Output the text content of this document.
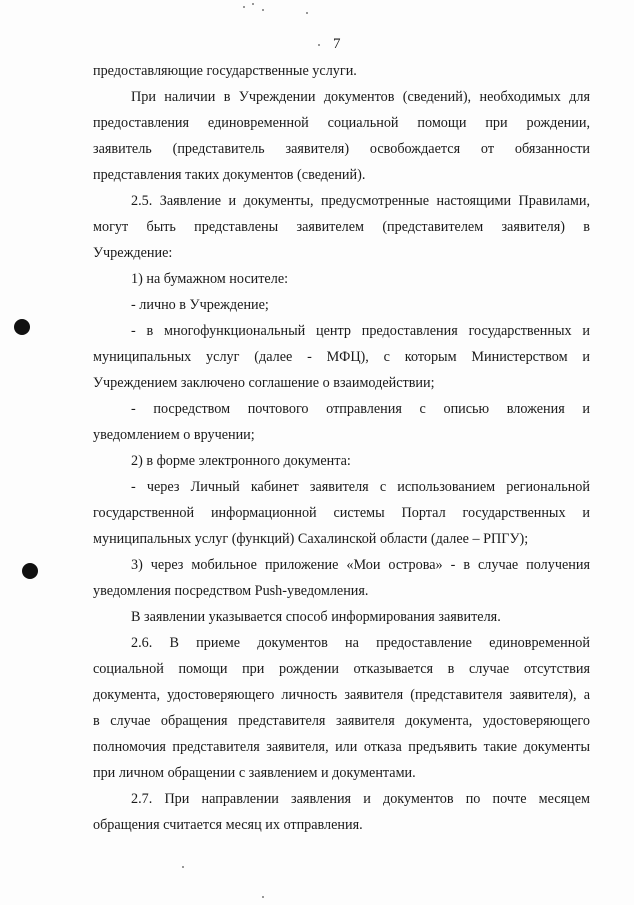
7
предоставляющие государственные услуги.
При наличии в Учреждении документов (сведений), необходимых для
предоставления единовременной социальной помощи при рождении,
заявитель (представитель заявителя) освобождается от обязанности
представления таких документов (сведений).
2.5. Заявление и документы, предусмотренные настоящими Правилами,
могут быть представлены заявителем (представителем заявителя) в
Учреждение:
1) на бумажном носителе:
- лично в Учреждение;
- в многофункциональный центр предоставления государственных и
муниципальных услуг (далее - МФЦ), с которым Министерством и
Учреждением заключено соглашение о взаимодействии;
- посредством почтового отправления с описью вложения и
уведомлением о вручении;
2) в форме электронного документа:
- через Личный кабинет заявителя с использованием региональной
государственной информационной системы Портал государственных и
муниципальных услуг (функций) Сахалинской области (далее – РПГУ);
3) через мобильное приложение «Мои острова» - в случае получения
уведомления посредством Push-уведомления.
В заявлении указывается способ информирования заявителя.
2.6. В приеме документов на предоставление единовременной
социальной помощи при рождении отказывается в случае отсутствия
документа, удостоверяющего личность заявителя (представителя заявителя), а
в случае обращения представителя заявителя документа, удостоверяющего
полномочия представителя заявителя, или отказа предъявить такие документы
при личном обращении с заявлением и документами.
2.7. При направлении заявления и документов по почте месяцем
обращения считается месяц их отправления.
